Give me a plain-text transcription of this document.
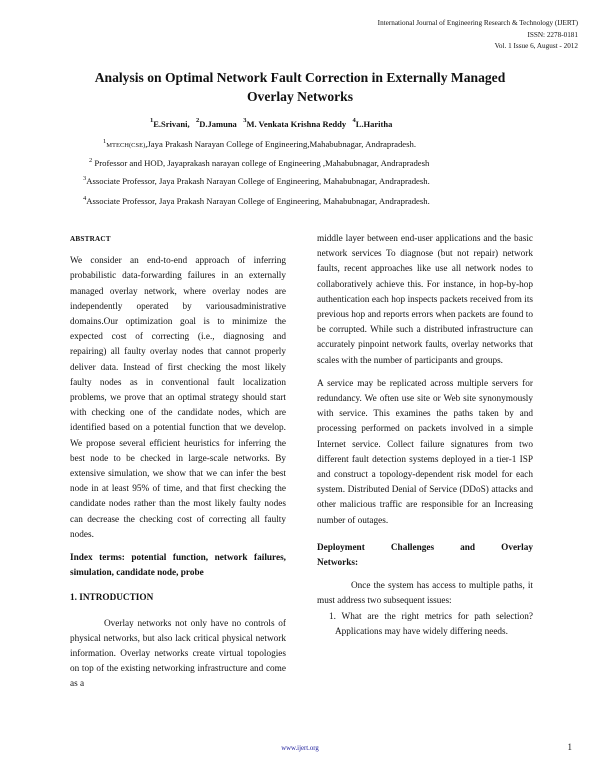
International Journal of Engineering Research & Technology (IJERT)
ISSN: 2278-0181
Vol. 1 Issue 6, August - 2012
Analysis on Optimal Network Fault Correction in Externally Managed
Overlay Networks
$^1$E.Srivani, $^2$D.Jamuna $^3$M. Venkata Krishna Reddy $^4$L.Haritha
$^1$MTECH(CSE),Jaya Prakash Narayan College of Engineering,Mahabubnagar, Andrapradesh.
$^2$ Professor and HOD, Jayaprakash narayan college of Engineering ,Mahabubnagar, Andrapradesh
$^3$Associate Professor, Jaya Prakash Narayan College of Engineering, Mahabubnagar, Andrapradesh.
$^4$Associate Professor, Jaya Prakash Narayan College of Engineering, Mahabubnagar, Andrapradesh.

ABSTRACT

We consider an end-to-end approach of inferring probabilistic data-forwarding failures in an externally managed overlay network, where overlay nodes are independently operated by variousadministrative domains.Our optimization goal is to minimize the expected cost of correcting (i.e., diagnosing and repairing) all faulty overlay nodes that cannot properly deliver data. Instead of first checking the most likely faulty nodes as in conventional fault localization problems, we prove that an optimal strategy should start with checking one of the candidate nodes, which are identified based on a potential function that we develop. We propose several efficient heuristics for inferring the best node to be checked in large-scale networks. By extensive simulation, we show that we can infer the best node in at least 95% of time, and that first checking the candidate nodes rather than the most likely faulty nodes can decrease the checking cost of correcting all faulty nodes.

Index terms: potential function, network failures, simulation, candidate node, probe

1. INTRODUCTION

Overlay networks not only have no controls of physical networks, but also lack critical physical network information. Overlay networks create virtual topologies on top of the existing networking infrastructure and come as a

middle layer between end-user applications and the basic network services To diagnose (but not repair) network faults, recent approaches like use all network nodes to collaboratively achieve this. For instance, in hop-by-hop authentication each hop inspects packets received from its previous hop and reports errors when packets are found to be corrupted. While such a distributed infrastructure can accurately pinpoint network faults, overlay networks that scales with the number of participants and groups.

A service may be replicated across multiple servers for redundancy. We often use site or Web site synonymously with service. This examines the paths taken by and processing performed on packets involved in a simple Internet service. Collect failure signatures from two different fault detection systems deployed in a tier-1 ISP and construct a topology-dependent risk model for each system. Distributed Denial of Service (DDoS) attacks and other malicious traffic are responsible for an Increasing number of outages.

Deployment	Challenges	and	Overlay

Networks:

Once the system has access to multiple paths, it must address two subsequent issues:

1. What are the right metrics for path selection? Applications may have widely differing needs.

www.ijert.org	1
